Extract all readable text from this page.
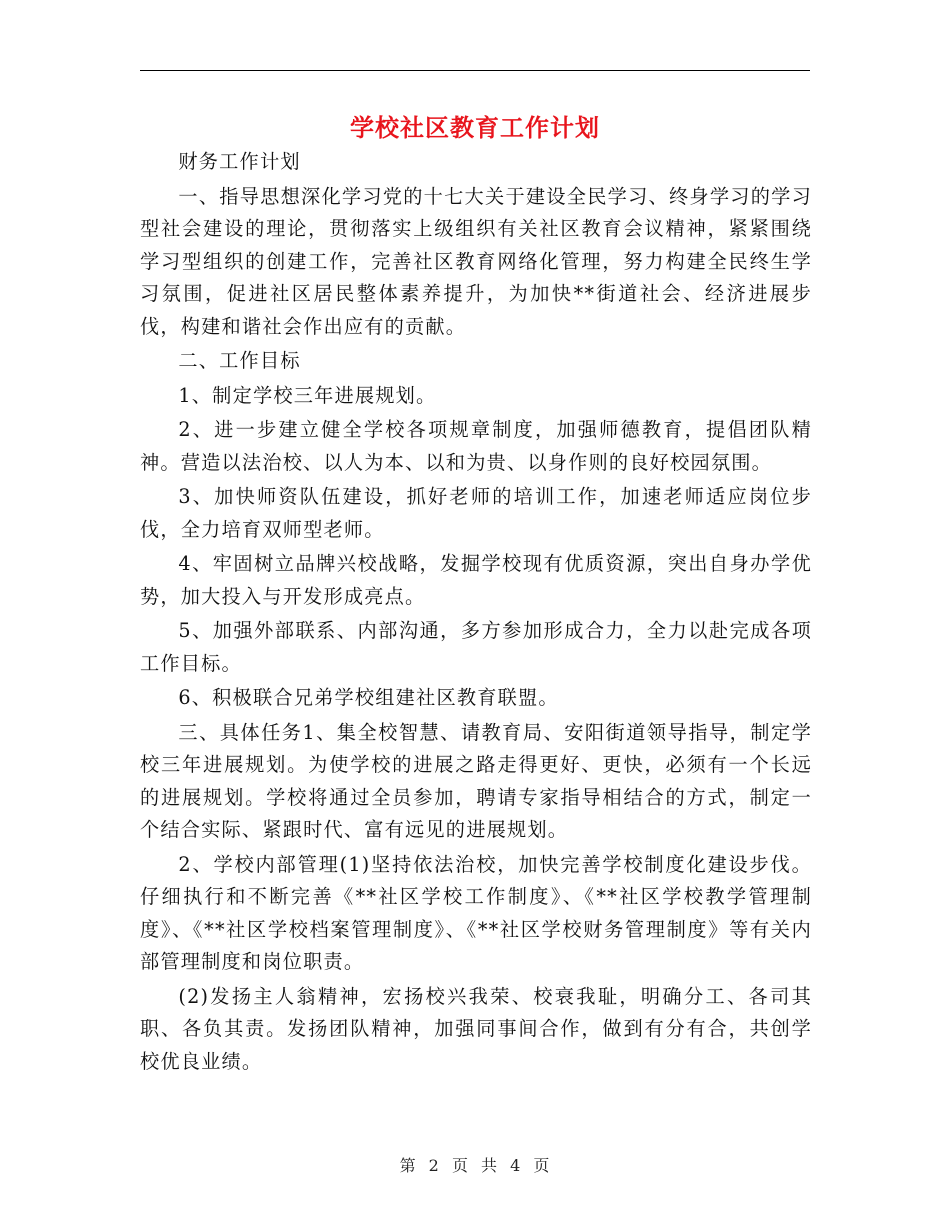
学校社区教育工作计划

财务工作计划

一、指导思想深化学习党的十七大关于建设全民学习、终身学习的学习型社会建设的理论，贯彻落实上级组织有关社区教育会议精神，紧紧围绕学习型组织的创建工作，完善社区教育网络化管理，努力构建全民终生学习氛围，促进社区居民整体素养提升，为加快**街道社会、经济进展步伐，构建和谐社会作出应有的贡献。

二、工作目标

1、制定学校三年进展规划。

2、进一步建立健全学校各项规章制度，加强师德教育，提倡团队精神。营造以法治校、以人为本、以和为贵、以身作则的良好校园氛围。

3、加快师资队伍建设，抓好老师的培训工作，加速老师适应岗位步伐，全力培育双师型老师。

4、牢固树立品牌兴校战略，发掘学校现有优质资源，突出自身办学优势，加大投入与开发形成亮点。

5、加强外部联系、内部沟通，多方参加形成合力，全力以赴完成各项工作目标。

6、积极联合兄弟学校组建社区教育联盟。

三、具体任务1、集全校智慧、请教育局、安阳街道领导指导，制定学校三年进展规划。为使学校的进展之路走得更好、更快，必须有一个长远的进展规划。学校将通过全员参加，聘请专家指导相结合的方式，制定一个结合实际、紧跟时代、富有远见的进展规划。

2、学校内部管理(1)坚持依法治校，加快完善学校制度化建设步伐。仔细执行和不断完善《**社区学校工作制度》、《**社区学校教学管理制度》、《**社区学校档案管理制度》、《**社区学校财务管理制度》等有关内部管理制度和岗位职责。

(2)发扬主人翁精神，宏扬校兴我荣、校衰我耻，明确分工、各司其职、各负其责。发扬团队精神，加强同事间合作，做到有分有合，共创学校优良业绩。

第 2 页 共 4 页
